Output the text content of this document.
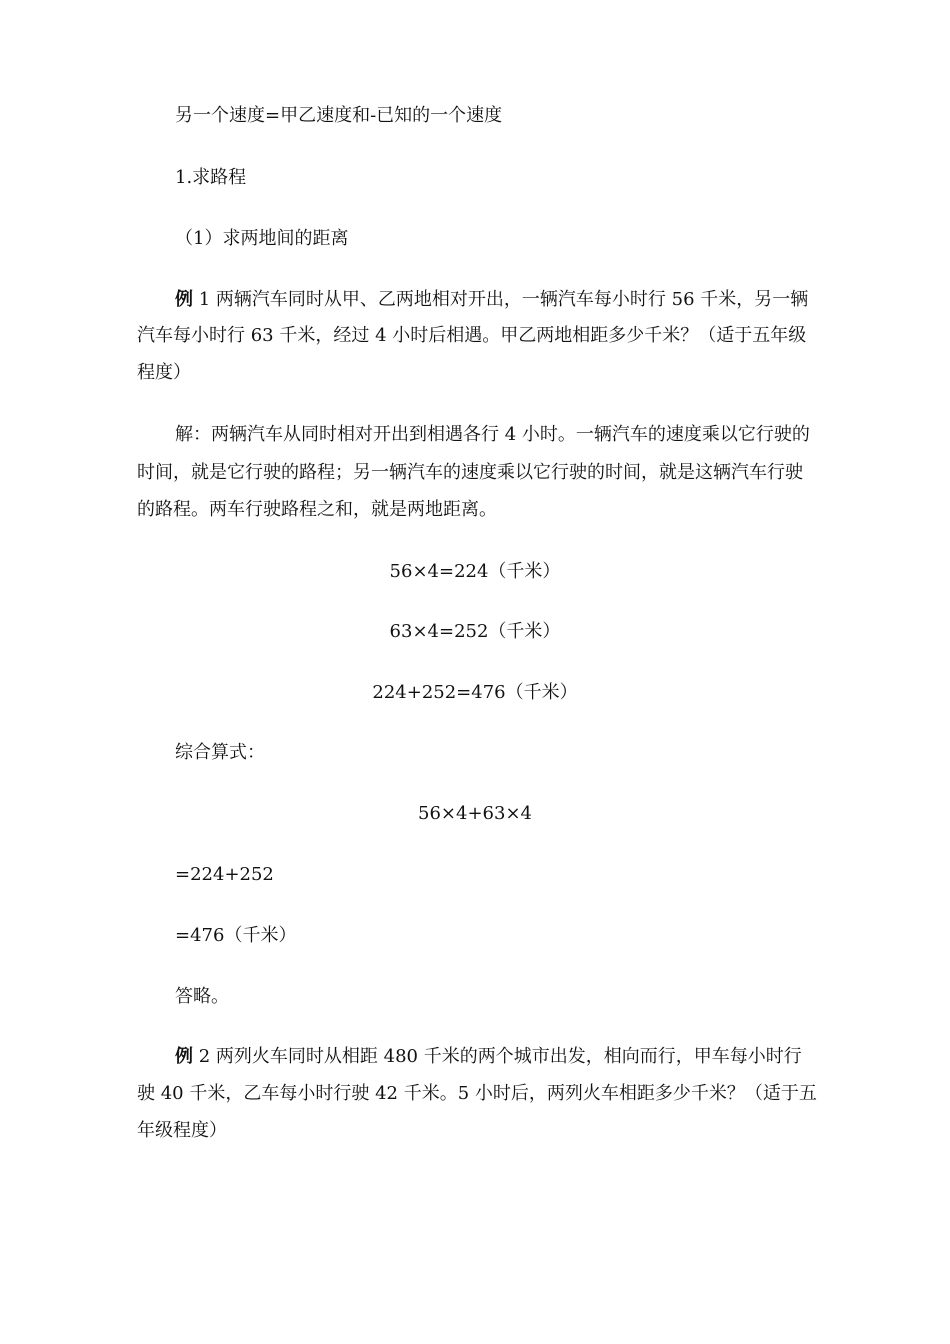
另一个速度=甲乙速度和-已知的一个速度
1.求路程
（1）求两地间的距离
例 1 两辆汽车同时从甲、乙两地相对开出，一辆汽车每小时行 56 千米，另一辆
汽车每小时行 63 千米，经过 4 小时后相遇。甲乙两地相距多少千米？（适于五年级
程度）
解：两辆汽车从同时相对开出到相遇各行 4 小时。一辆汽车的速度乘以它行驶的
时间，就是它行驶的路程；另一辆汽车的速度乘以它行驶的时间，就是这辆汽车行驶
的路程。两车行驶路程之和，就是两地距离。
56×4=224（千米）
63×4=252（千米）
224+252=476（千米）
综合算式：
56×4+63×4
=224+252
=476（千米）
答略。
例 2 两列火车同时从相距 480 千米的两个城市出发，相向而行，甲车每小时行
驶 40 千米，乙车每小时行驶 42 千米。5 小时后，两列火车相距多少千米？（适于五
年级程度）
